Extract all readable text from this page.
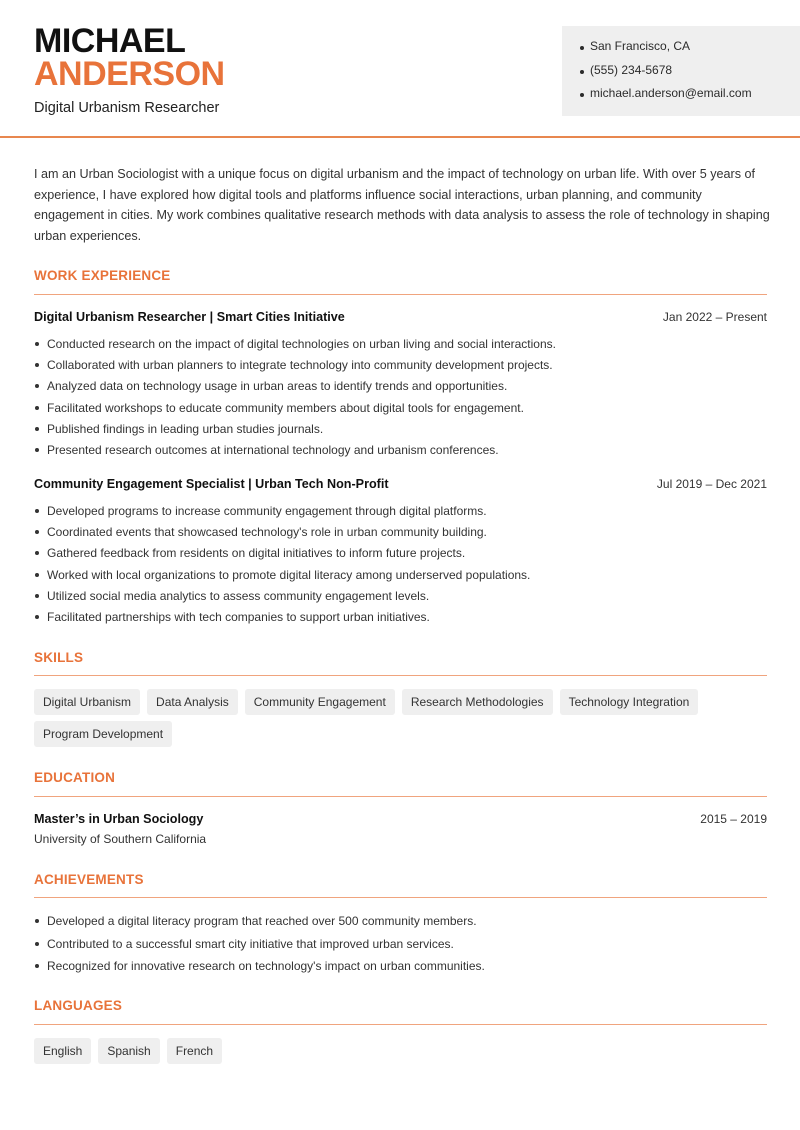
MICHAEL
ANDERSON
Digital Urbanism Researcher
San Francisco, CA
(555) 234-5678
michael.anderson@email.com

I am an Urban Sociologist with a unique focus on digital urbanism and the impact of technology on urban life. With over 5 years of experience, I have explored how digital tools and platforms influence social interactions, urban planning, and community engagement in cities. My work combines qualitative research methods with data analysis to assess the role of technology in shaping urban experiences.

WORK EXPERIENCE
Digital Urbanism Researcher | Smart Cities Initiative	Jan 2022 – Present
Conducted research on the impact of digital technologies on urban living and social interactions.
Collaborated with urban planners to integrate technology into community development projects.
Analyzed data on technology usage in urban areas to identify trends and opportunities.
Facilitated workshops to educate community members about digital tools for engagement.
Published findings in leading urban studies journals.
Presented research outcomes at international technology and urbanism conferences.
Community Engagement Specialist | Urban Tech Non-Profit	Jul 2019 – Dec 2021
Developed programs to increase community engagement through digital platforms.
Coordinated events that showcased technology's role in urban community building.
Gathered feedback from residents on digital initiatives to inform future projects.
Worked with local organizations to promote digital literacy among underserved populations.
Utilized social media analytics to assess community engagement levels.
Facilitated partnerships with tech companies to support urban initiatives.
SKILLS
Digital Urbanism	Data Analysis	Community Engagement	Research Methodologies	Technology Integration
Program Development
EDUCATION
Master’s in Urban Sociology	2015 – 2019
University of Southern California
ACHIEVEMENTS
Developed a digital literacy program that reached over 500 community members.
Contributed to a successful smart city initiative that improved urban services.
Recognized for innovative research on technology's impact on urban communities.
LANGUAGES
English	Spanish	French
